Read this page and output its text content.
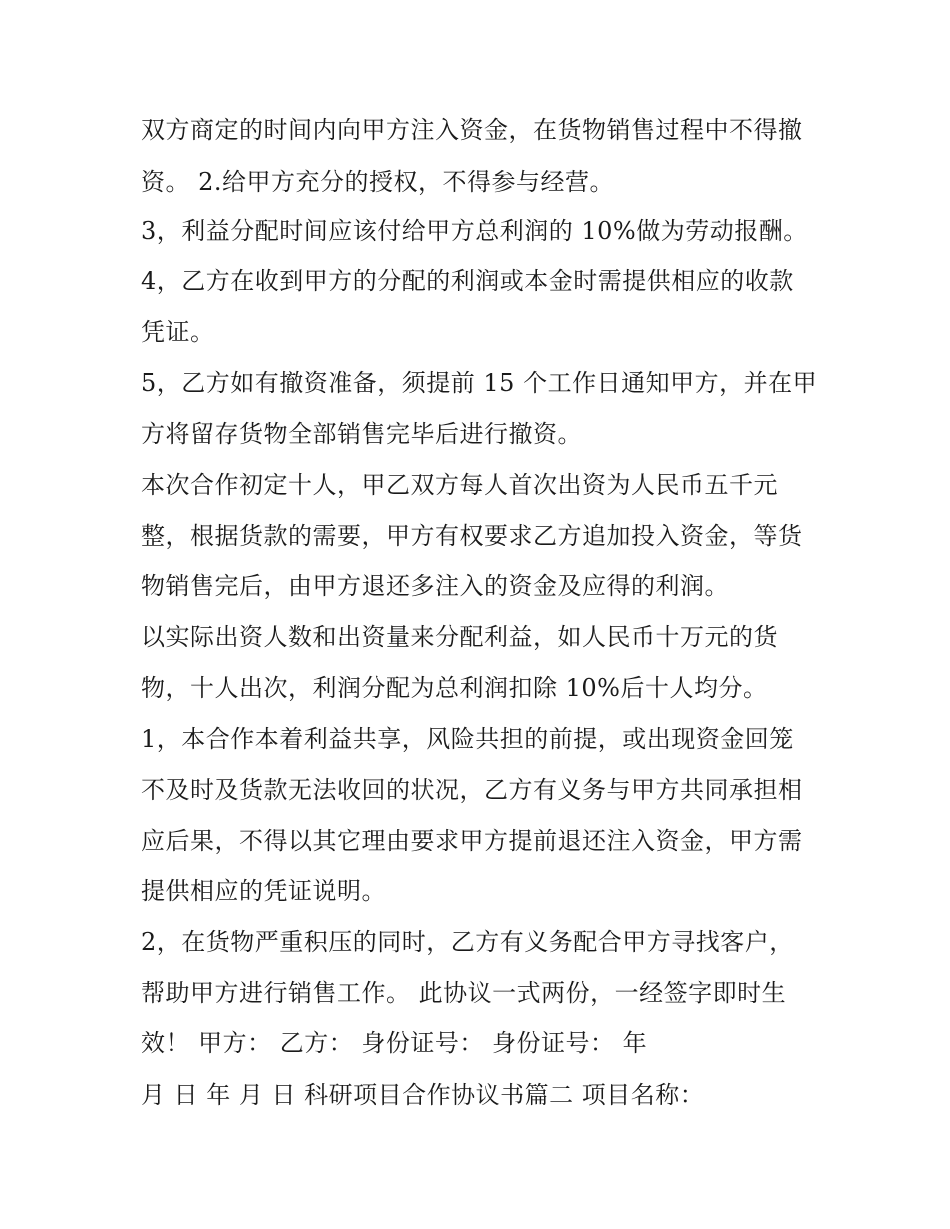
双方商定的时间内向甲方注入资金，在货物销售过程中不得撤
资。 2.给甲方充分的授权，不得参与经营。
3，利益分配时间应该付给甲方总利润的 10%做为劳动报酬。
4，乙方在收到甲方的分配的利润或本金时需提供相应的收款
凭证。
5，乙方如有撤资准备，须提前 15 个工作日通知甲方，并在甲
方将留存货物全部销售完毕后进行撤资。
本次合作初定十人，甲乙双方每人首次出资为人民币五千元
整，根据货款的需要，甲方有权要求乙方追加投入资金，等货
物销售完后，由甲方退还多注入的资金及应得的利润。
以实际出资人数和出资量来分配利益，如人民币十万元的货
物，十人出次，利润分配为总利润扣除 10%后十人均分。
1，本合作本着利益共享，风险共担的前提，或出现资金回笼
不及时及货款无法收回的状况，乙方有义务与甲方共同承担相
应后果，不得以其它理由要求甲方提前退还注入资金，甲方需
提供相应的凭证说明。
2，在货物严重积压的同时，乙方有义务配合甲方寻找客户，
帮助甲方进行销售工作。 此协议一式两份，一经签字即时生
效！ 甲方： 乙方： 身份证号： 身份证号： 年
月 日 年 月 日 科研项目合作协议书篇二 项目名称：
